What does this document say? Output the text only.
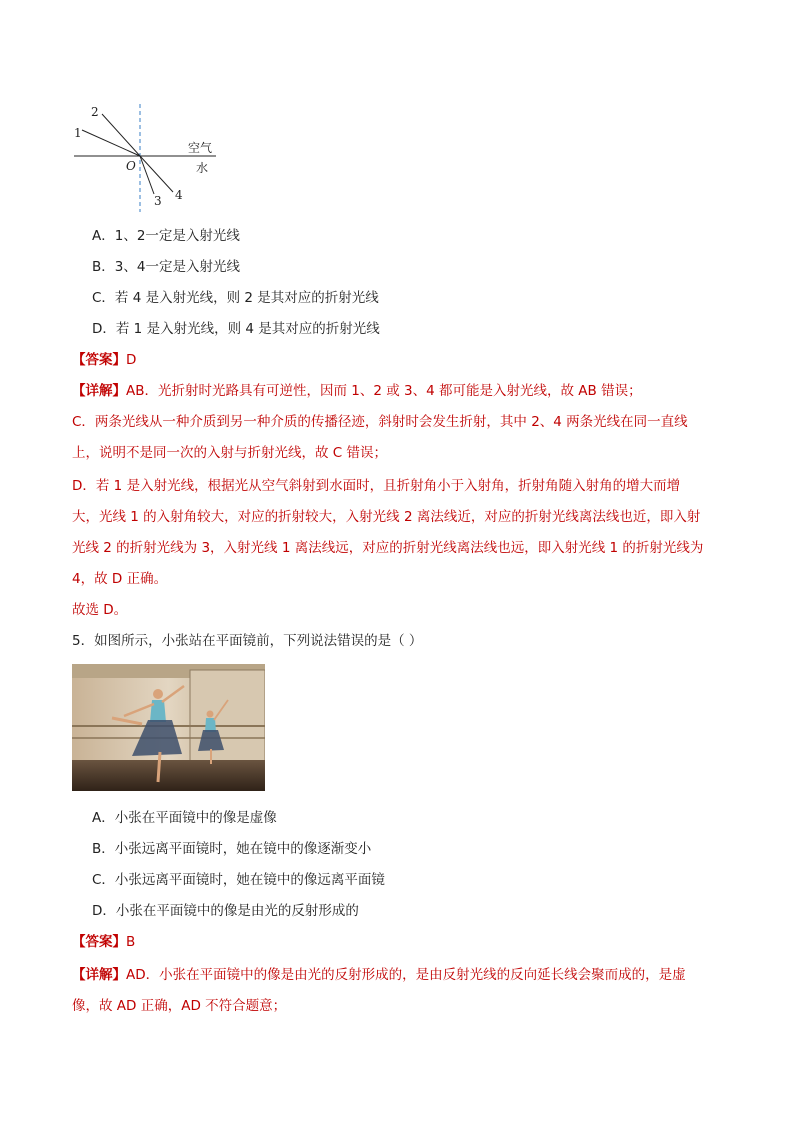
1
2
3 4
O
空气
水
A．1、2一定是入射光线
B．3、4一定是入射光线
C．若 4 是入射光线，则 2 是其对应的折射光线
D．若 1 是入射光线，则 4 是其对应的折射光线
【答案】D
【详解】AB．光折射时光路具有可逆性，因而 1、2 或 3、4 都可能是入射光线，故 AB 错误；
C．两条光线从一种介质到另一种介质的传播径迹，斜射时会发生折射，其中 2、4 两条光线在同一直线
上，说明不是同一次的入射与折射光线，故 C 错误；
D．若 1 是入射光线，根据光从空气斜射到水面时，且折射角小于入射角，折射角随入射角的增大而增
大，光线 1 的入射角较大，对应的折射较大，入射光线 2 离法线近，对应的折射光线离法线也近，即入射
光线 2 的折射光线为 3，入射光线 1 离法线远，对应的折射光线离法线也远，即入射光线 1 的折射光线为
4，故 D 正确。
故选 D。
5．如图所示，小张站在平面镜前，下列说法错误的是（ ）
A．小张在平面镜中的像是虚像
B．小张远离平面镜时，她在镜中的像逐渐变小
C．小张远离平面镜时，她在镜中的像远离平面镜
D．小张在平面镜中的像是由光的反射形成的
【答案】B
【详解】AD．小张在平面镜中的像是由光的反射形成的，是由反射光线的反向延长线会聚而成的，是虚
像，故 AD 正确，AD 不符合题意；
